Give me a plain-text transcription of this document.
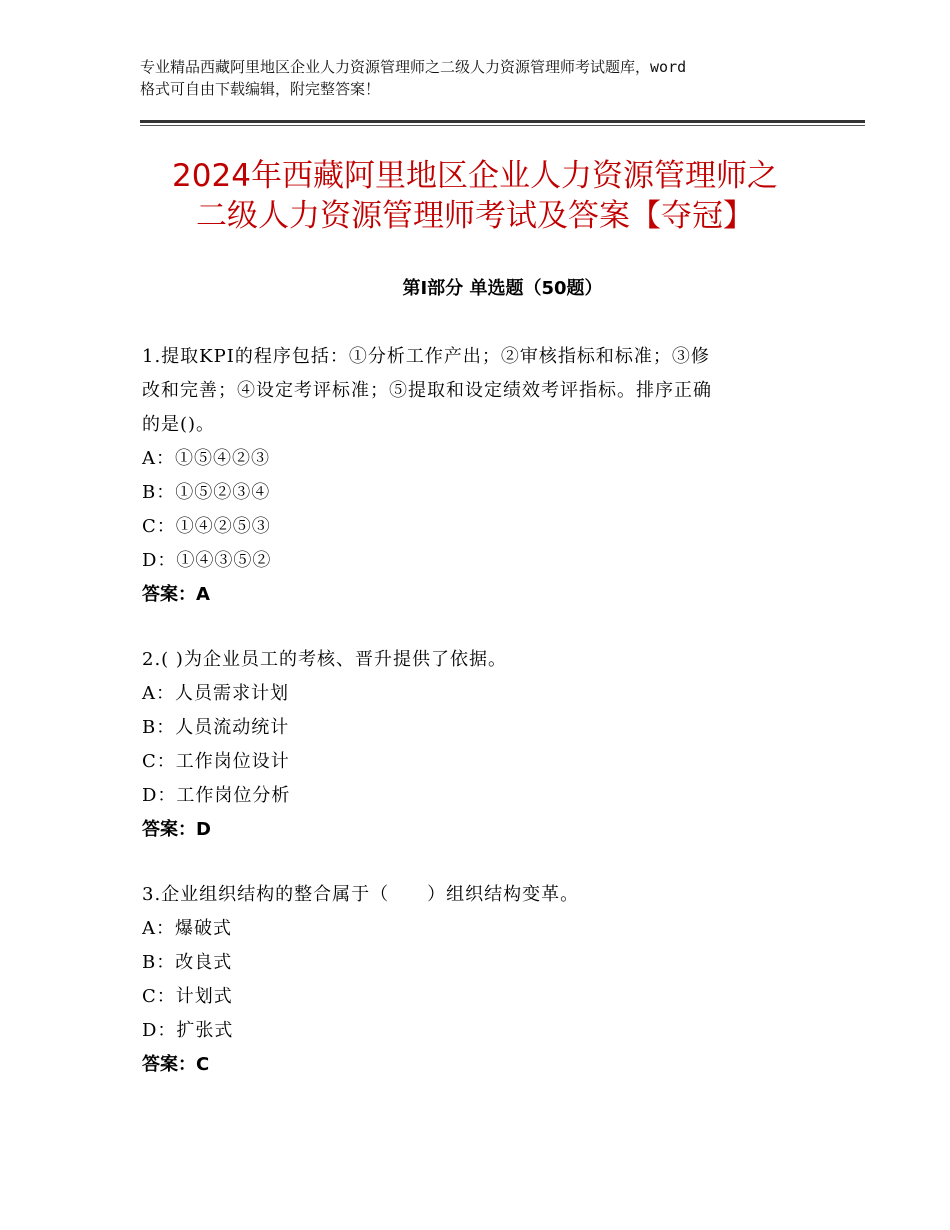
专业精品西藏阿里地区企业人力资源管理师之二级人力资源管理师考试题库，word
格式可自由下载编辑，附完整答案！
2024年西藏阿里地区企业人力资源管理师之
二级人力资源管理师考试及答案【夺冠】
第Ⅰ部分 单选题（50题）
1.提取KPI的程序包括：①分析工作产出；②审核指标和标准；③修
改和完善；④设定考评标准；⑤提取和设定绩效考评指标。排序正确
的是()。
A：①⑤④②③
B：①⑤②③④
C：①④②⑤③
D：①④③⑤②
答案：A
2.( )为企业员工的考核、晋升提供了依据。
A：人员需求计划
B：人员流动统计
C：工作岗位设计
D：工作岗位分析
答案：D
3.企业组织结构的整合属于（　　）组织结构变革。
A：爆破式
B：改良式
C：计划式
D：扩张式
答案：C
